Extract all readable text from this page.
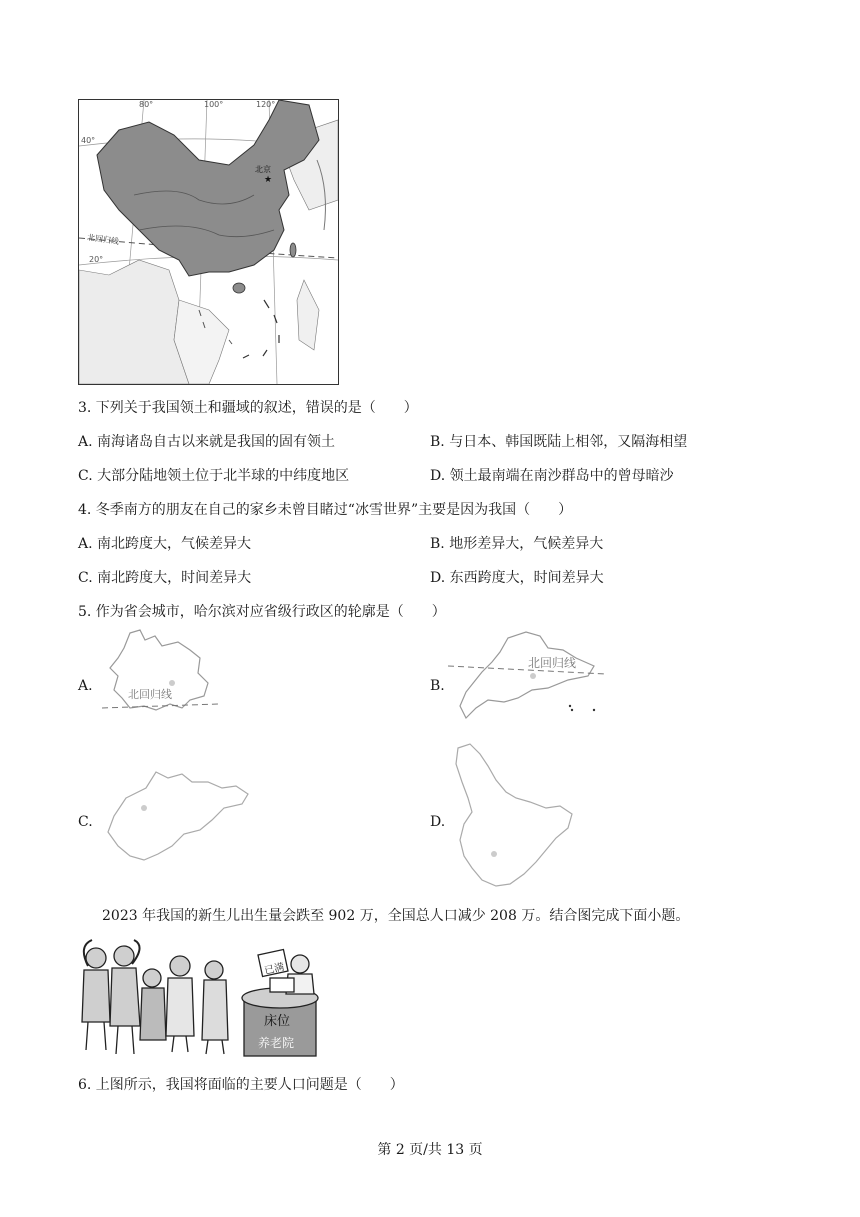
★
80°	100°	120°
40°
20°
北京
北回归线
3. 下列关于我国领土和疆域的叙述，错误的是（　　）
A. 南海诸岛自古以来就是我国的固有领土	B. 与日本、韩国既陆上相邻，又隔海相望
C. 大部分陆地领土位于北半球的中纬度地区	D. 领土最南端在南沙群岛中的曾母暗沙
4. 冬季南方的朋友在自己的家乡未曾目睹过“冰雪世界”主要是因为我国（　　）
A. 南北跨度大，气候差异大	B. 地形差异大，气候差异大
C. 南北跨度大，时间差异大	D. 东西跨度大，时间差异大
5. 作为省会城市，哈尔滨对应省级行政区的轮廓是（　　）
A.
北回归线
B.
北回归线
C.	D.
2023 年我国的新生儿出生量会跌至 902 万，全国总人口减少 208 万。结合图完成下面小题。
已满
床位
养老院
6. 上图所示，我国将面临的主要人口问题是（　　）
第 2 页/共 13 页
